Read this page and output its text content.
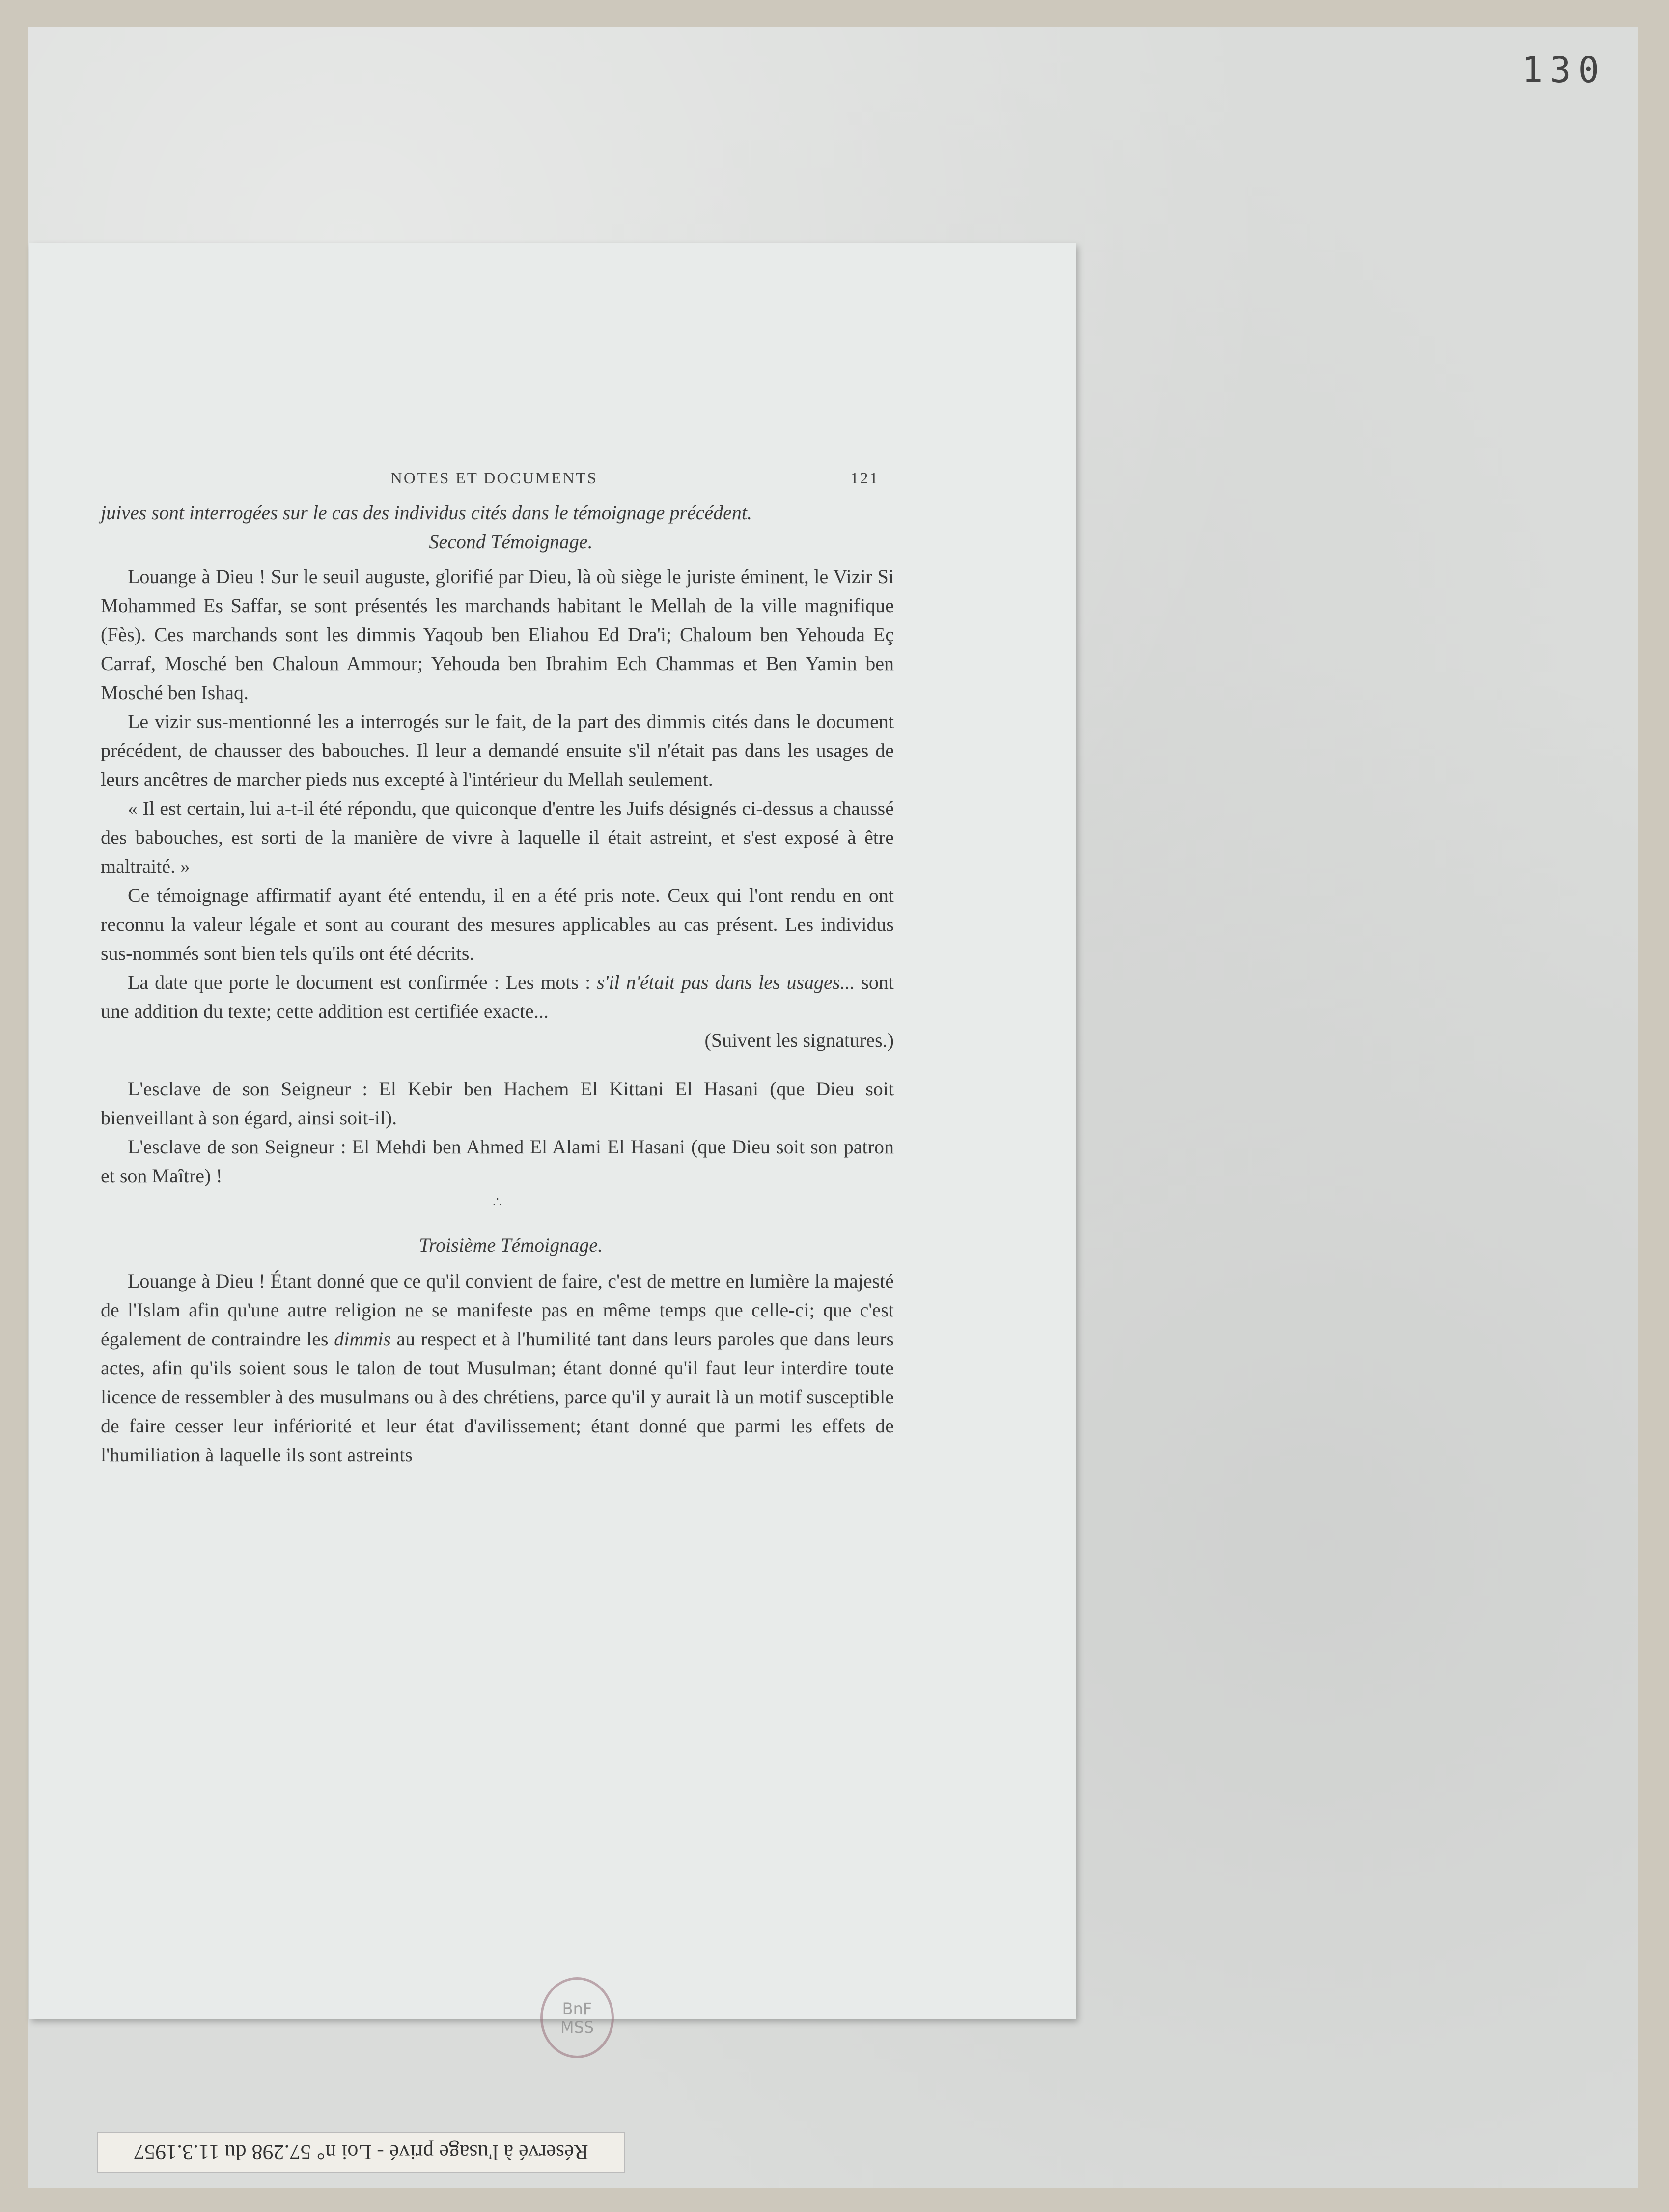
130
NOTES ET DOCUMENTS	121

juives sont interrogées sur le cas des individus cités dans le témoignage précédent.

Second Témoignage.

Louange à Dieu ! Sur le seuil auguste, glorifié par Dieu, là où siège le juriste éminent, le Vizir Si Mohammed Es Saffar, se sont présentés les marchands habitant le Mellah de la ville magnifique (Fès). Ces marchands sont les dimmis Yaqoub ben Eliahou Ed Dra'i; Chaloum ben Yehouda Eç Carraf, Mosché ben Chaloun Ammour; Yehouda ben Ibrahim Ech Chammas et Ben Yamin ben Mosché ben Ishaq.

Le vizir sus-mentionné les a interrogés sur le fait, de la part des dimmis cités dans le document précédent, de chausser des babouches. Il leur a demandé ensuite s'il n'était pas dans les usages de leurs ancêtres de marcher pieds nus excepté à l'intérieur du Mellah seulement.

« Il est certain, lui a-t-il été répondu, que quiconque d'entre les Juifs désignés ci-dessus a chaussé des babouches, est sorti de la manière de vivre à laquelle il était astreint, et s'est exposé à être maltraité. »

Ce témoignage affirmatif ayant été entendu, il en a été pris note. Ceux qui l'ont rendu en ont reconnu la valeur légale et sont au courant des mesures applicables au cas présent. Les individus sus-nommés sont bien tels qu'ils ont été décrits.

La date que porte le document est confirmée : Les mots : s'il n'était pas dans les usages... sont une addition du texte; cette addition est certifiée exacte...

(Suivent les signatures.)

L'esclave de son Seigneur : El Kebir ben Hachem El Kittani El Hasani (que Dieu soit bienveillant à son égard, ainsi soit-il).

L'esclave de son Seigneur : El Mehdi ben Ahmed El Alami El Hasani (que Dieu soit son patron et son Maître) !

∴

Troisième Témoignage.

Louange à Dieu ! Étant donné que ce qu'il convient de faire, c'est de mettre en lumière la majesté de l'Islam afin qu'une autre religion ne se manifeste pas en même temps que celle-ci; que c'est également de contraindre les dimmis au respect et à l'humilité tant dans leurs paroles que dans leurs actes, afin qu'ils soient sous le talon de tout Musulman; étant donné qu'il faut leur interdire toute licence de ressembler à des musulmans ou à des chrétiens, parce qu'il y aurait là un motif susceptible de faire cesser leur infériorité et leur état d'avilissement; étant donné que parmi les effets de l'humiliation à laquelle ils sont astreints

BnF
MSS
Réservé à l'usage privé - Loi n° 57.298 du 11.3.1957
